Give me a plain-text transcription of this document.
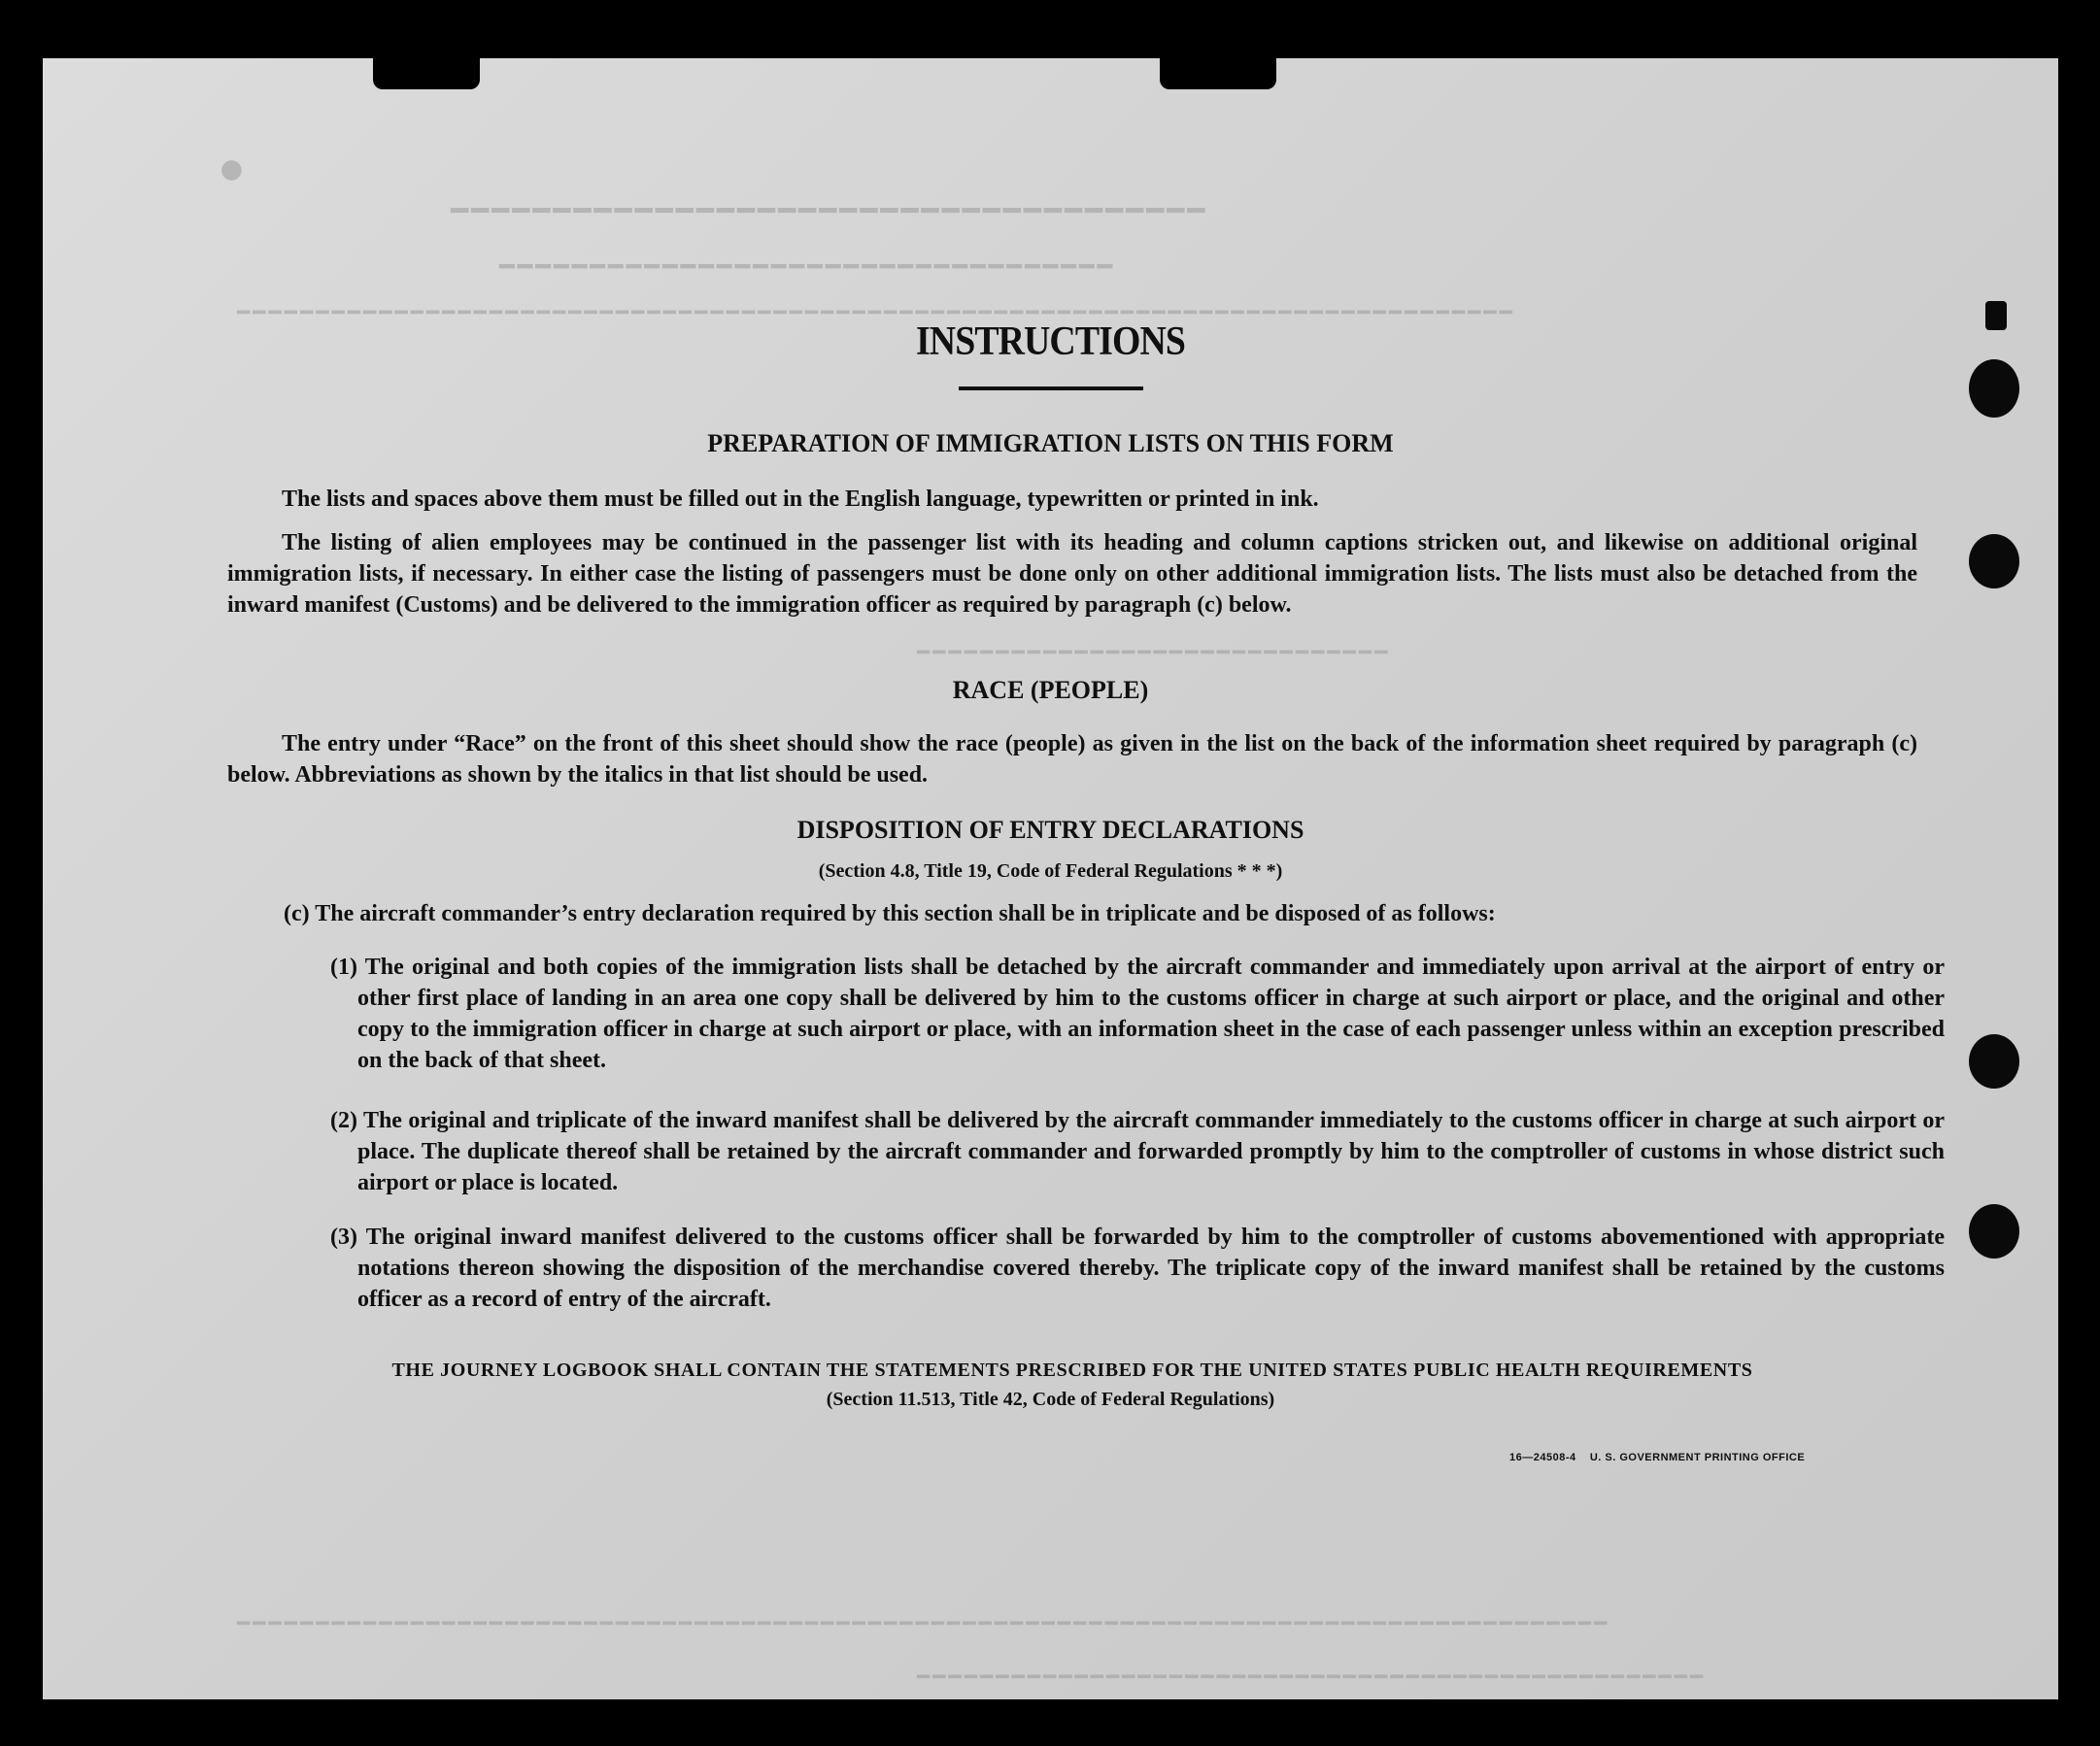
●
━━━━━━━━━━━━━━━━━━━━━━━━━━━━━━━━━━━━━
━━━━━━━━━━━━━━━━━━━━━━━━━━━━━━━━━━
━━━━━━━━━━━━━━━━━━━━━━━━━━━━━━━━━━━━━━━━━━━━━━━━━━━━━━━━━━━━━━━━━━━━━━━━━━━━━━━━━
━━━━━━━━━━━━━━━━━━━━━━━━━━━━━━
━━━━━━━━━━━━━━━━━━━━━━━━━━━━━━━━━━━━━━━━━━━━━━━━━━━━━━━━━━━━━━━━━━━━━━━━━━━━━━━━━━━━━━━
━━━━━━━━━━━━━━━━━━━━━━━━━━━━━━━━━━━━━━━━━━━━━━━━━━
INSTRUCTIONS
PREPARATION OF IMMIGRATION LISTS ON THIS FORM
The lists and spaces above them must be filled out in the English language, typewritten or printed in ink.
The listing of alien employees may be continued in the passenger list with its heading and column captions stricken out, and likewise on additional original immigration lists, if necessary. In either case the listing of passengers must be done only on other additional immigration lists. The lists must also be detached from the inward manifest (Customs) and be delivered to the immigration officer as required by paragraph (c) below.
RACE (PEOPLE)
The entry under “Race” on the front of this sheet should show the race (people) as given in the list on the back of the information sheet required by paragraph (c) below. Abbreviations as shown by the italics in that list should be used.
DISPOSITION OF ENTRY DECLARATIONS
(Section 4.8, Title 19, Code of Federal Regulations * * *)
(c) The aircraft commander’s entry declaration required by this section shall be in triplicate and be disposed of as follows:
(1) The original and both copies of the immigration lists shall be detached by the aircraft commander and immediately upon arrival at the airport of entry or other first place of landing in an area one copy shall be delivered by him to the customs officer in charge at such airport or place, and the original and other copy to the immigration officer in charge at such airport or place, with an information sheet in the case of each passenger unless within an exception prescribed on the back of that sheet.
(2) The original and triplicate of the inward manifest shall be delivered by the aircraft commander immediately to the customs officer in charge at such airport or place. The duplicate thereof shall be retained by the aircraft commander and forwarded promptly by him to the comptroller of customs in whose district such airport or place is located.
(3) The original inward manifest delivered to the customs officer shall be forwarded by him to the comptroller of customs abovementioned with appropriate notations thereon showing the disposition of the merchandise covered thereby. The triplicate copy of the inward manifest shall be retained by the customs officer as a record of entry of the aircraft.
THE JOURNEY LOGBOOK SHALL CONTAIN THE STATEMENTS PRESCRIBED FOR THE UNITED STATES PUBLIC HEALTH REQUIREMENTS
(Section 11.513, Title 42, Code of Federal Regulations)
16—24508-4    U. S. GOVERNMENT PRINTING OFFICE
